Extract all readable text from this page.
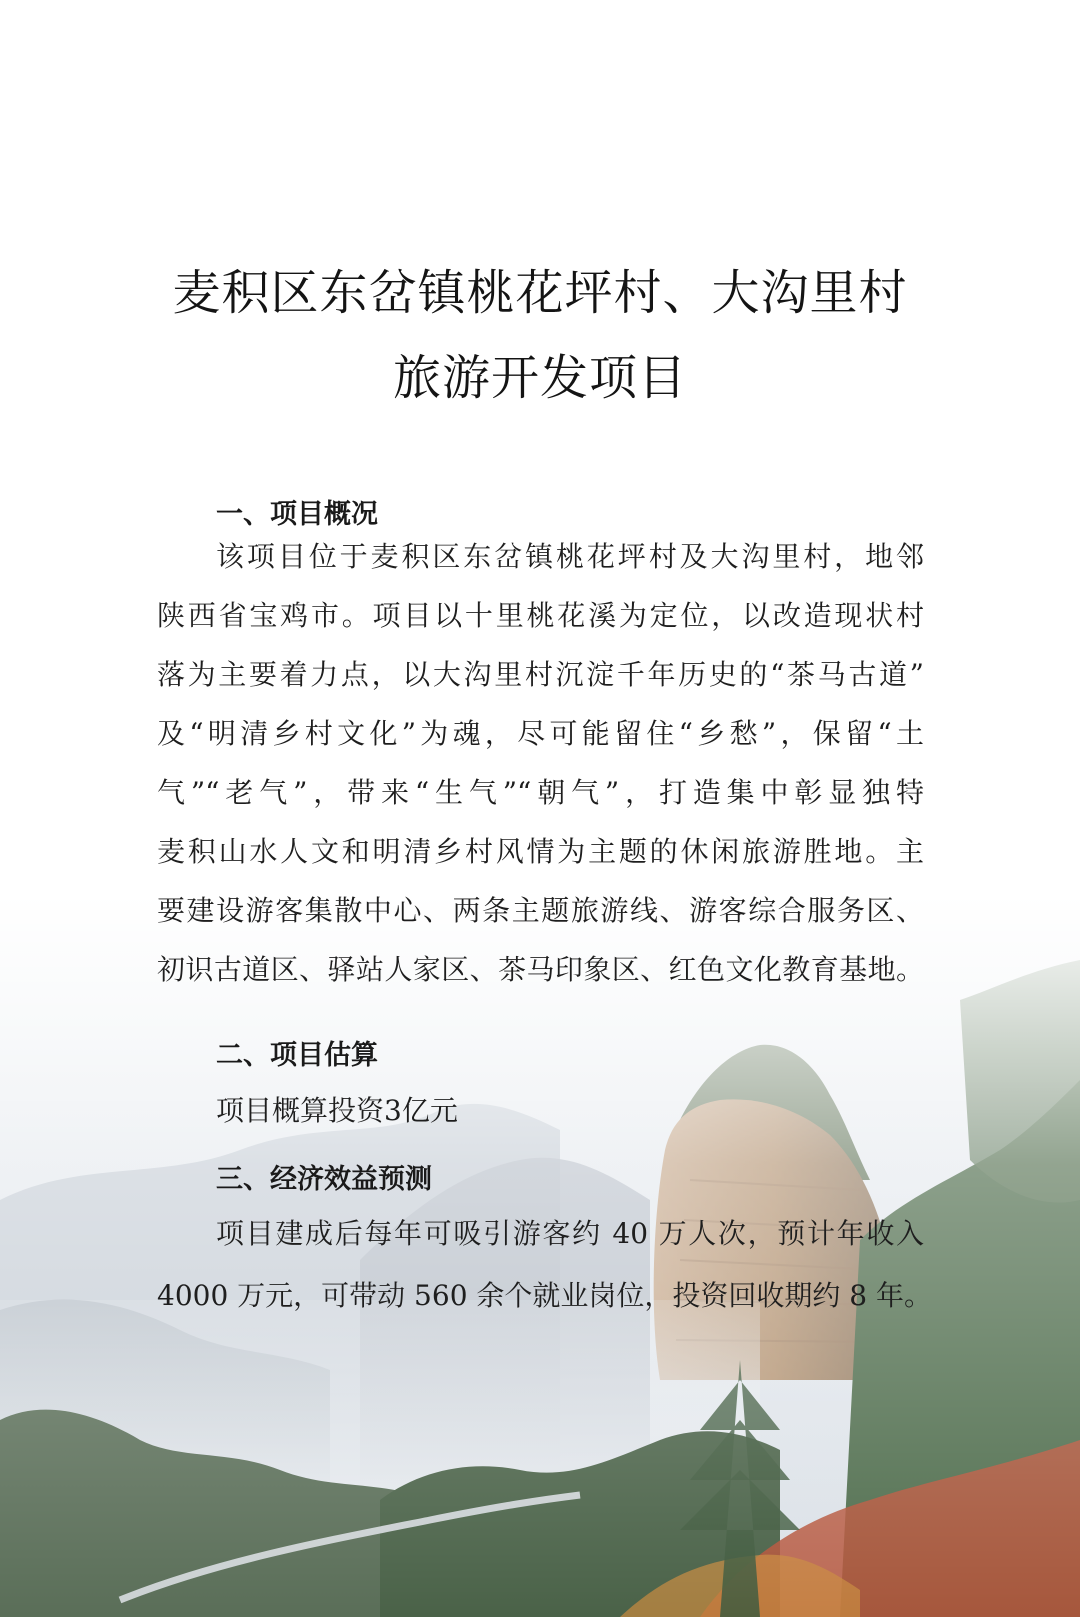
麦积区东岔镇桃花坪村、大沟里村
旅游开发项目
一、项目概况
该项目位于麦积区东岔镇桃花坪村及大沟里村，地邻
陕西省宝鸡市。项目以十里桃花溪为定位，以改造现状村
落为主要着力点，以大沟里村沉淀千年历史的“茶马古道”
及“明清乡村文化”为魂，尽可能留住“乡愁”，保留“土
气”“老气”，带来“生气”“朝气”，打造集中彰显独特
麦积山水人文和明清乡村风情为主题的休闲旅游胜地。主
要建设游客集散中心、两条主题旅游线、游客综合服务区、
初识古道区、驿站人家区、茶马印象区、红色文化教育基地。
二、项目估算
项目概算投资3亿元
三、经济效益预测
项目建成后每年可吸引游客约 40 万人次，预计年收入
4000 万元，可带动 560 余个就业岗位，投资回收期约 8 年。
